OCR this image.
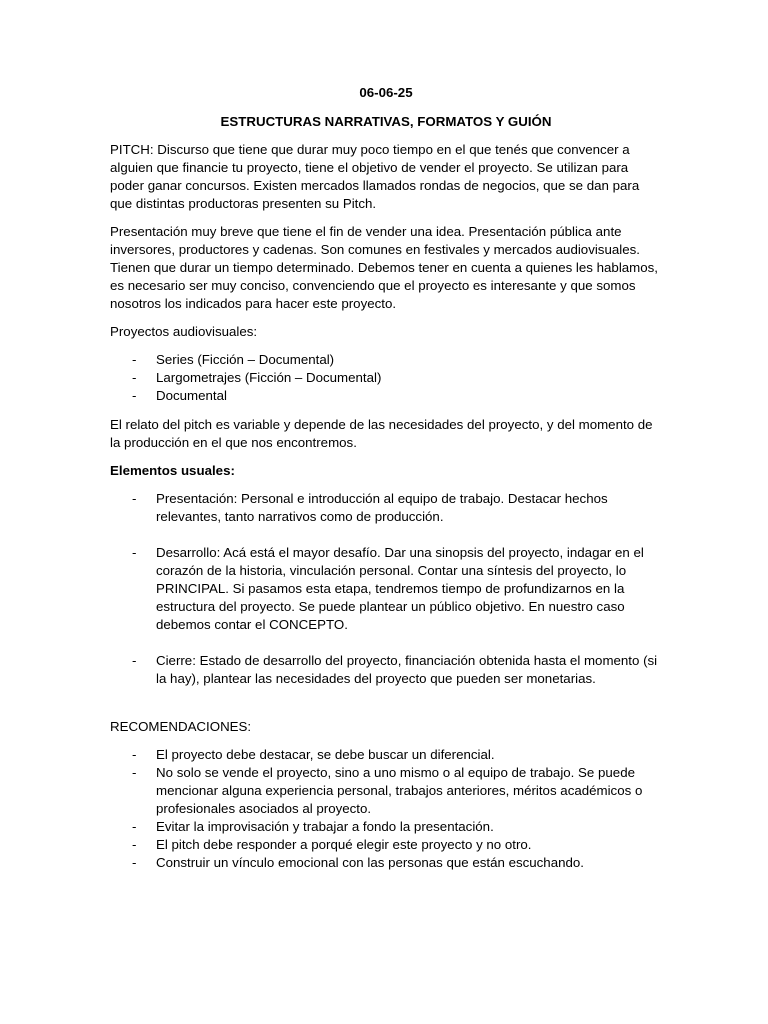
06-06-25
ESTRUCTURAS NARRATIVAS, FORMATOS Y GUIÓN

PITCH: Discurso que tiene que durar muy poco tiempo en el que tenés que convencer a alguien que financie tu proyecto, tiene el objetivo de vender el proyecto. Se utilizan para poder ganar concursos. Existen mercados llamados rondas de negocios, que se dan para que distintas productoras presenten su Pitch.

Presentación muy breve que tiene el fin de vender una idea. Presentación pública ante inversores, productores y cadenas. Son comunes en festivales y mercados audiovisuales. Tienen que durar un tiempo determinado. Debemos tener en cuenta a quienes les hablamos, es necesario ser muy conciso, convenciendo que el proyecto es interesante y que somos nosotros los indicados para hacer este proyecto.

Proyectos audiovisuales:

- Series (Ficción – Documental)
- Largometrajes (Ficción – Documental)
- Documental

El relato del pitch es variable y depende de las necesidades del proyecto, y del momento de la producción en el que nos encontremos.

Elementos usuales:
- Presentación: Personal e introducción al equipo de trabajo. Destacar hechos relevantes, tanto narrativos como de producción.
- Desarrollo: Acá está el mayor desafío. Dar una sinopsis del proyecto, indagar en el corazón de la historia, vinculación personal. Contar una síntesis del proyecto, lo PRINCIPAL. Si pasamos esta etapa, tendremos tiempo de profundizarnos en la estructura del proyecto. Se puede plantear un público objetivo. En nuestro caso debemos contar el CONCEPTO.
- Cierre: Estado de desarrollo del proyecto, financiación obtenida hasta el momento (si la hay), plantear las necesidades del proyecto que pueden ser monetarias.

RECOMENDACIONES:

- El proyecto debe destacar, se debe buscar un diferencial.
- No solo se vende el proyecto, sino a uno mismo o al equipo de trabajo. Se puede mencionar alguna experiencia personal, trabajos anteriores, méritos académicos o profesionales asociados al proyecto.
- Evitar la improvisación y trabajar a fondo la presentación.
- El pitch debe responder a porqué elegir este proyecto y no otro.
- Construir un vínculo emocional con las personas que están escuchando.
